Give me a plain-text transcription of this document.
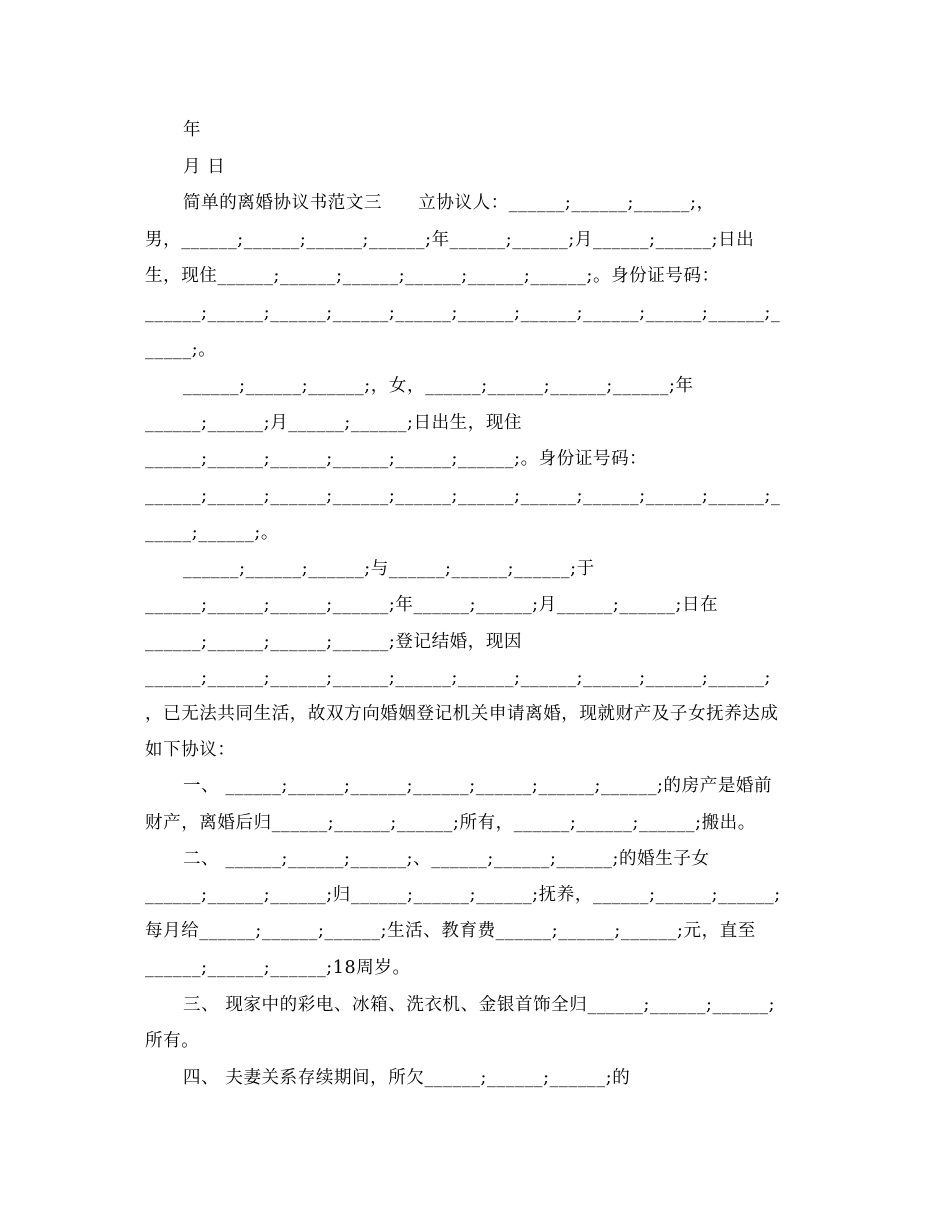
年
月 日
简单的离婚协议书范文三　　立协议人：______;______;______;，
男，______;______;______;______;年______;______;月______;______;日出
生，现住______;______;______;______;______;______;。身份证号码：
______;______;______;______;______;______;______;______;______;______;_
_____;。
______;______;______;，女，______;______;______;______;年
______;______;月______;______;日出生，现住
______;______;______;______;______;______;。身份证号码：
______;______;______;______;______;______;______;______;______;______;_
_____;______;。
______;______;______;与______;______;______;于
______;______;______;______;年______;______;月______;______;日在
______;______;______;______;登记结婚，现因
______;______;______;______;______;______;______;______;______;______;
，已无法共同生活，故双方向婚姻登记机关申请离婚，现就财产及子女抚养达成
如下协议：
一、 ______;______;______;______;______;______;______;的房产是婚前
财产，离婚后归______;______;______;所有，______;______;______;搬出。
二、 ______;______;______;、______;______;______;的婚生子女
______;______;______;归______;______;______;抚养，______;______;______;
每月给______;______;______;生活、教育费______;______;______;元，直至
______;______;______;18周岁。
三、 现家中的彩电、冰箱、洗衣机、金银首饰全归______;______;______;
所有。
四、 夫妻关系存续期间，所欠______;______;______;的
